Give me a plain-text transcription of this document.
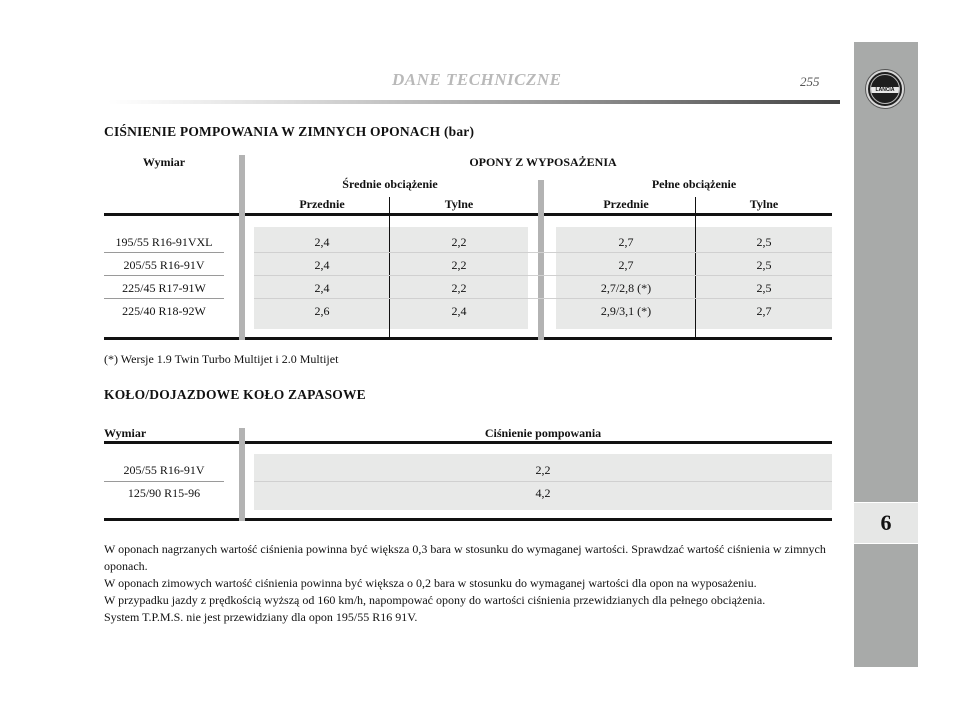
LANCIA
6
DANE TECHNICZNE	255
CIŚNIENIE POMPOWANIA W ZIMNYCH OPONACH (bar)
Wymiar	OPONY Z WYPOSAŻENIA
Średnie obciążenie	Pełne obciążenie
Przednie	Tylne	Przednie	Tylne
195/55 R16-91VXL	2,4	2,2	2,7	2,5
205/55 R16-91V	2,4	2,2	2,7	2,5
225/45 R17-91W	2,4	2,2	2,7/2,8 (*)	2,5
225/40 R18-92W	2,6	2,4	2,9/3,1 (*)	2,7
(*) Wersje 1.9 Twin Turbo Multijet i 2.0 Multijet
KOŁO/DOJAZDOWE KOŁO ZAPASOWE
Wymiar	Ciśnienie pompowania
205/55 R16-91V	2,2
125/90 R15-96	4,2
W oponach nagrzanych wartość ciśnienia powinna być większa 0,3 bara w stosunku do wymaganej wartości. Sprawdzać wartość ciśnienia w zimnych oponach.
W oponach zimowych wartość ciśnienia powinna być większa o 0,2 bara w stosunku do wymaganej wartości dla opon na wyposażeniu.
W przypadku jazdy z prędkością wyższą od 160 km/h, napompować opony do wartości ciśnienia przewidzianych dla pełnego obciążenia.
System T.P.M.S. nie jest przewidziany dla opon 195/55 R16 91V.
